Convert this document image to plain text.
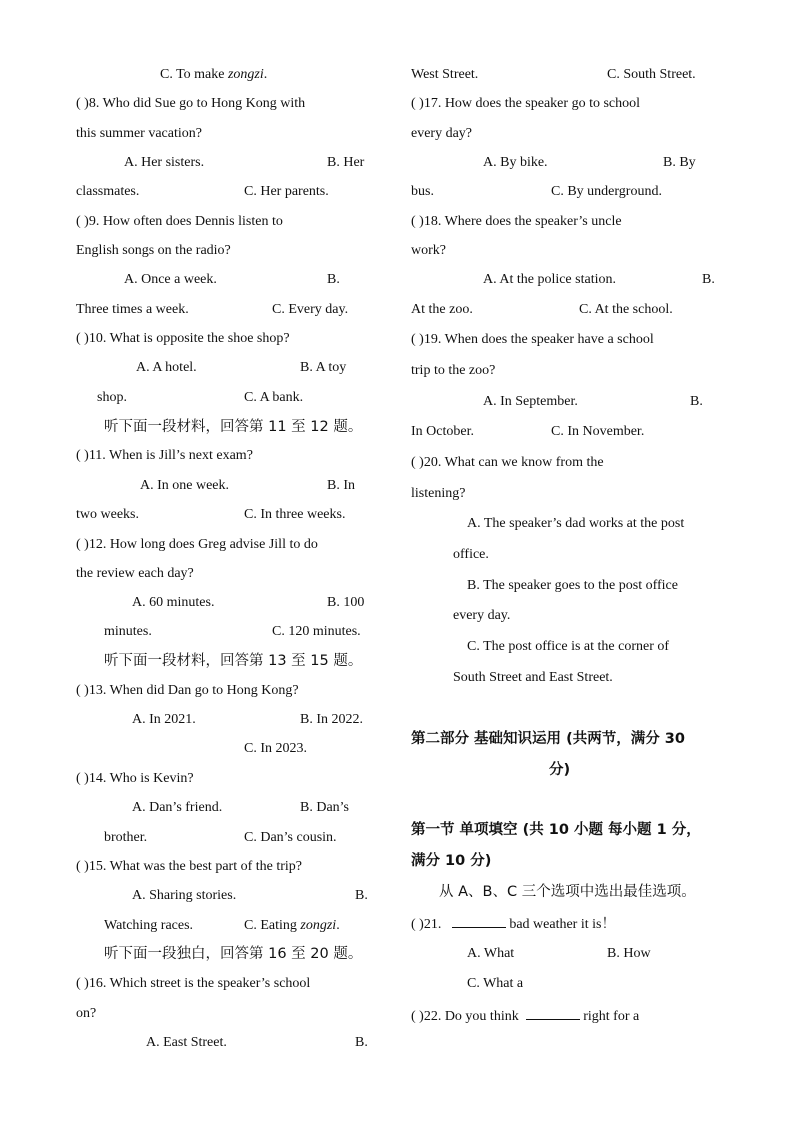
C. To make zongzi.
( )8. Who did Sue go to Hong Kong with
this summer vacation?
A. Her sisters.	B. Her
classmates.	C. Her parents.
( )9. How often does Dennis listen to
English songs on the radio?
A. Once a week.	B.
Three times a week.	C. Every day.
( )10. What is opposite the shoe shop?
A. A hotel.	B. A toy
shop.	C. A bank.
听下面一段材料，回答第 11 至 12 题。
( )11. When is Jill’s next exam?
A. In one week.	B. In
two weeks.	C. In three weeks.
( )12. How long does Greg advise Jill to do
the review each day?
A. 60 minutes.	B. 100
minutes.	C. 120 minutes.
听下面一段材料，回答第 13 至 15 题。
( )13. When did Dan go to Hong Kong?
A. In 2021.	B. In 2022.
C. In 2023.
( )14. Who is Kevin?
A. Dan’s friend.	B. Dan’s
brother.	C. Dan’s cousin.
( )15. What was the best part of the trip?
A. Sharing stories.	B.
Watching races.	C. Eating zongzi.
听下面一段独白，回答第 16 至 20 题。
( )16. Which street is the speaker’s school
on?
A. East Street.	B.
West Street.	C. South Street.
( )17. How does the speaker go to school
every day?
A. By bike.	B. By
bus.	C. By underground.
( )18. Where does the speaker’s uncle
work?
A. At the police station.	B.
At the zoo.	C. At the school.
( )19. When does the speaker have a school
trip to the zoo?
A. In September.	B.
In October.	C. In November.
( )20. What can we know from the
listening?
A. The speaker’s dad works at the post
office.
B. The speaker goes to the post office
every day.
C. The post office is at the corner of
South Street and East Street.
第二部分 基础知识运用 (共两节，满分 30
分)
第一节 单项填空 (共 10 小题 每小题 1 分，
满分 10 分)
从 A、B、C 三个选项中选出最佳选项。
( )21.	bad weather it is！
A. What	B. How
C. What a
( )22. Do you think	right for a
